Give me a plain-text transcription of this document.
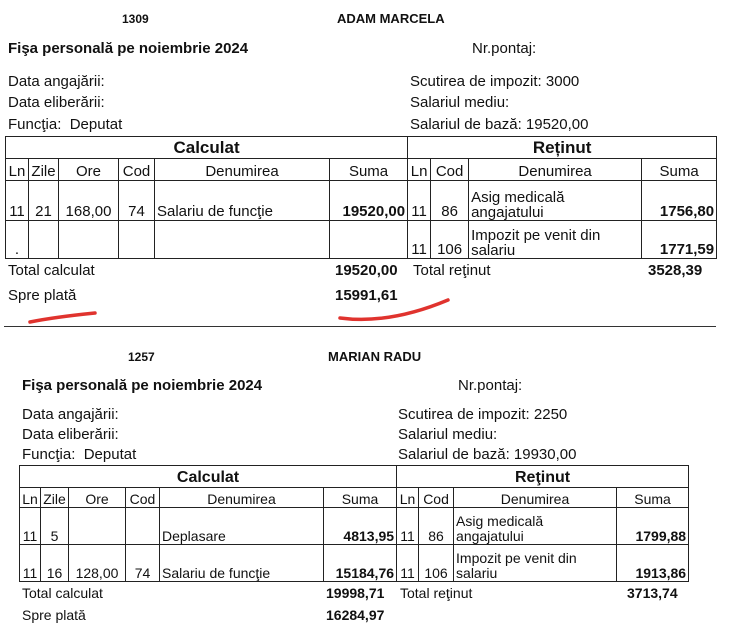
1309	ADAM MARCELA
Fişa personală pe noiembrie 2024	Nr.pontaj:
Data angajării:	Scutirea de impozit: 3000
Data eliberării:	Salariul mediu:
Funcţia: Deputat	Salariul de bază: 19520,00
Calculat						Reținut			
Ln	Zile	Ore	Cod	Denumirea	Suma	Ln	Cod	Denumirea	Suma
11	21	168,00	74	Salariu de funcţie	19520,00	11	86	Asig medicală angajatului	1756,80
.						11	106	Impozit pe venit din salariu	1771,59
Total calculat	19520,00 Total reţinut	3528,39
Spre plată	15991,61
1257	MARIAN RADU
Fişa personală pe noiembrie 2024	Nr.pontaj:
Data angajării:	Scutirea de impozit: 2250
Data eliberării:	Salariul mediu:
Funcţia: Deputat	Salariul de bază: 19930,00
Calculat						Reţinut			
Ln	Zile	Ore	Cod	Denumirea	Suma	Ln	Cod	Denumirea	Suma
11	5			Deplasare	4813,95	11	86	Asig medicală angajatului	1799,88
11	16	128,00	74	Salariu de funcţie	15184,76	11	106	Impozit pe venit din salariu	1913,86
Total calculat	19998,71 Total reţinut	3713,74
Spre plată	16284,97
